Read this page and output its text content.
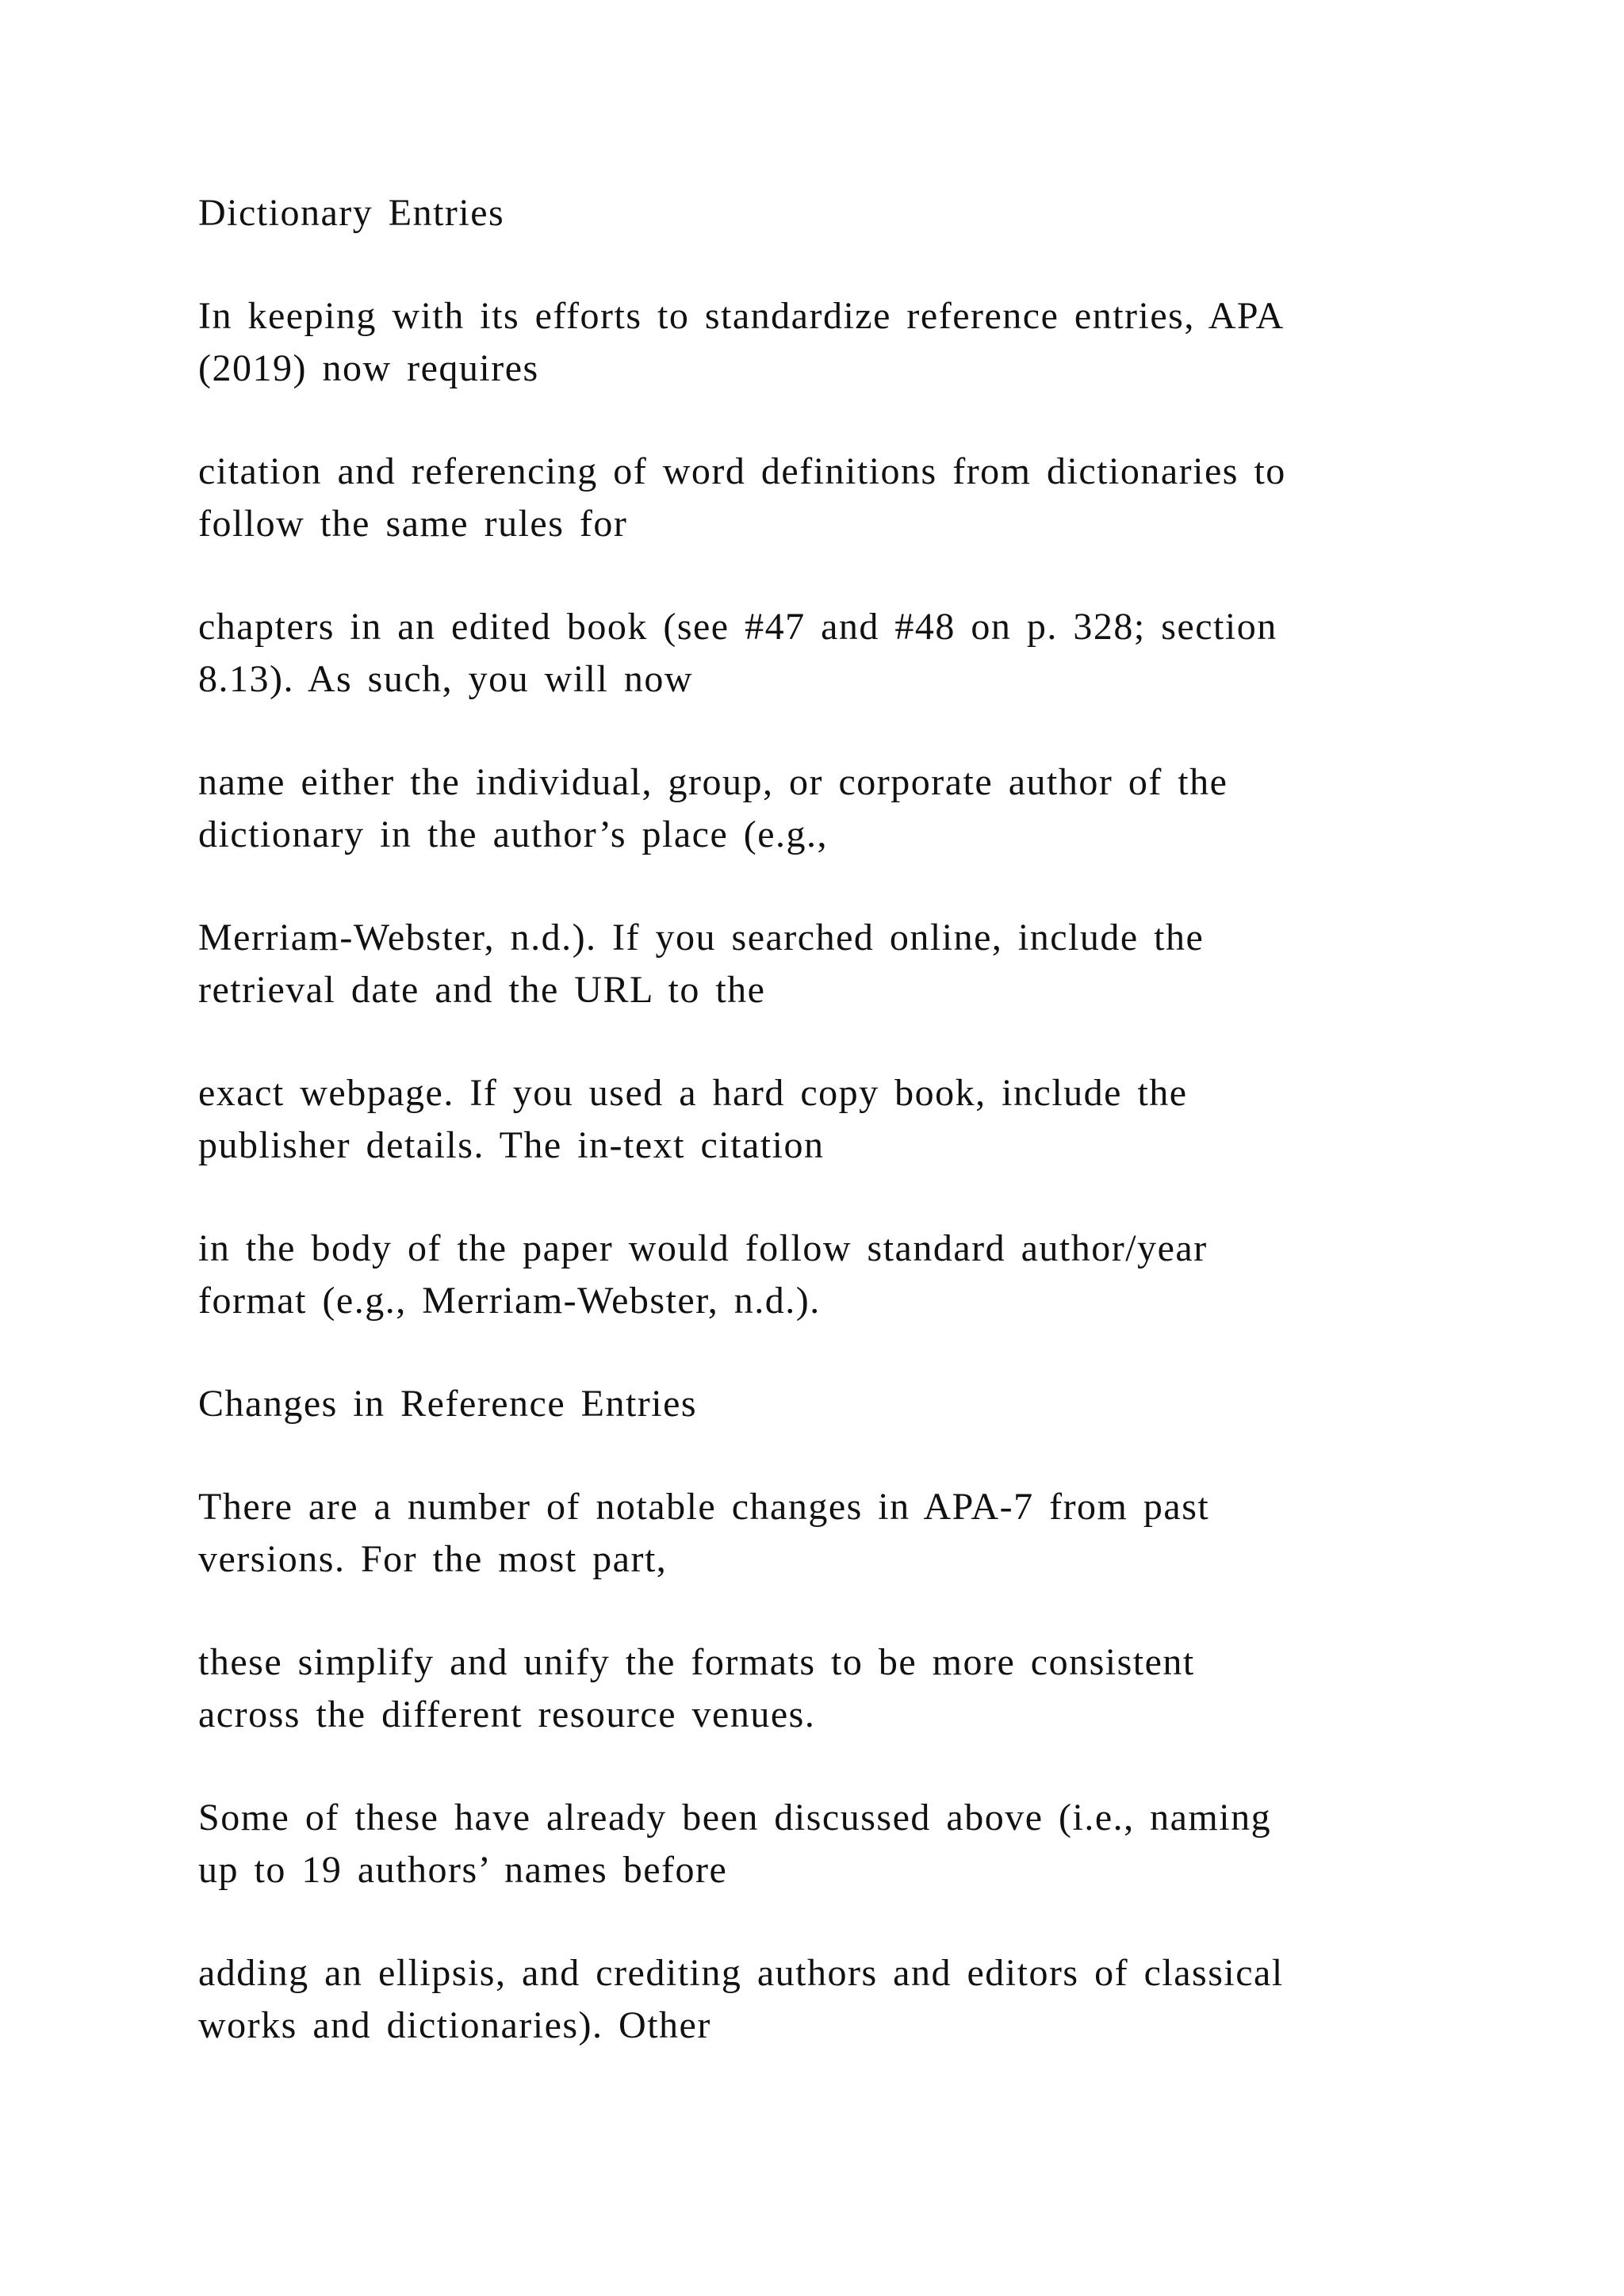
Dictionary Entries

In keeping with its efforts to standardize reference entries, APA

(2019) now requires

citation and referencing of word definitions from dictionaries to

follow the same rules for

chapters in an edited book (see #47 and #48 on p. 328; section

8.13). As such, you will now

name either the individual, group, or corporate author of the

dictionary in the author’s place (e.g.,

Merriam-Webster, n.d.). If you searched online, include the

retrieval date and the URL to the

exact webpage. If you used a hard copy book, include the

publisher details. The in-text citation

in the body of the paper would follow standard author/year

format (e.g., Merriam-Webster, n.d.).

Changes in Reference Entries

There are a number of notable changes in APA-7 from past

versions. For the most part,

these simplify and unify the formats to be more consistent

across the different resource venues.

Some of these have already been discussed above (i.e., naming

up to 19 authors’ names before

adding an ellipsis, and crediting authors and editors of classical

works and dictionaries). Other
